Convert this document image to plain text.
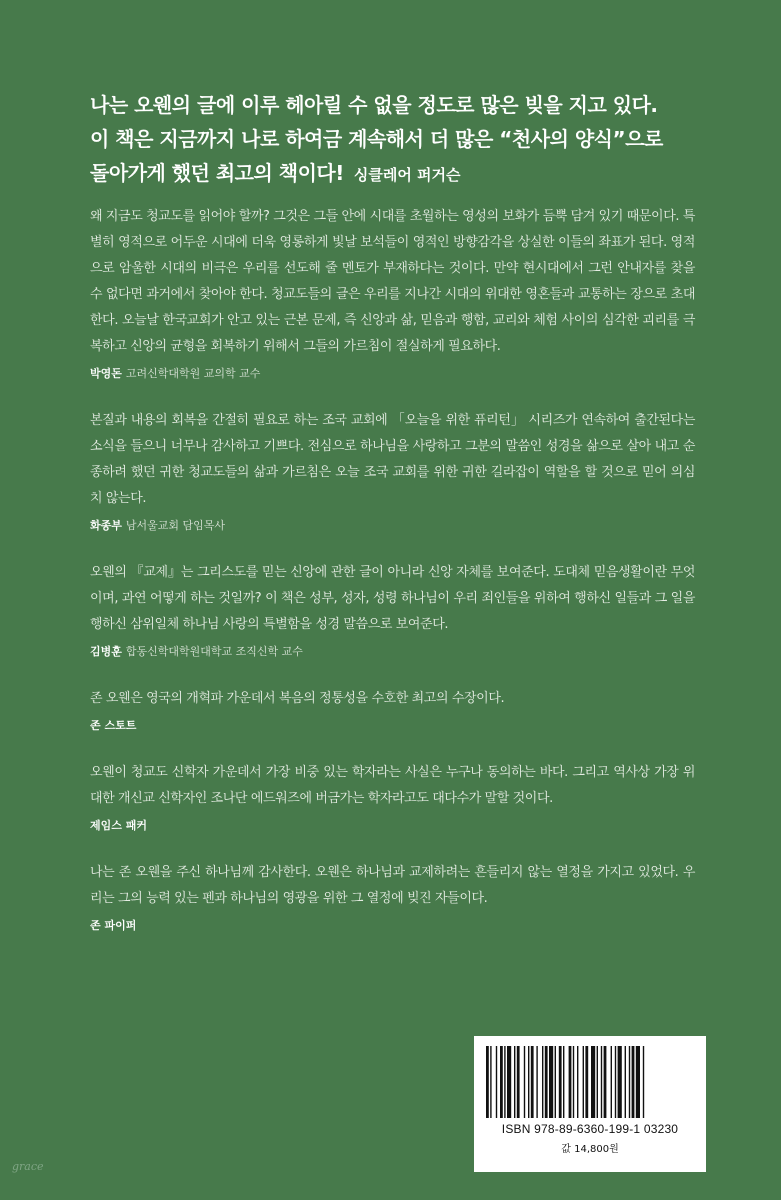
나는 오웬의 글에 이루 헤아릴 수 없을 정도로 많은 빚을 지고 있다.
이 책은 지금까지 나로 하여금 계속해서 더 많은 “천사의 양식”으로
돌아가게 했던 최고의 책이다! 싱클레어 퍼거슨

왜 지금도 청교도를 읽어야 할까? 그것은 그들 안에 시대를 초월하는 영성의 보화가 듬뿍 담겨 있기 때문이다. 특별히 영적으로 어두운 시대에 더욱 영롱하게 빛날 보석들이 영적인 방향감각을 상실한 이들의 좌표가 된다. 영적으로 암울한 시대의 비극은 우리를 선도해 줄 멘토가 부재하다는 것이다. 만약 현시대에서 그런 안내자를 찾을 수 없다면 과거에서 찾아야 한다. 청교도들의 글은 우리를 지나간 시대의 위대한 영혼들과 교통하는 장으로 초대한다. 오늘날 한국교회가 안고 있는 근본 문제, 즉 신앙과 삶, 믿음과 행함, 교리와 체험 사이의 심각한 괴리를 극복하고 신앙의 균형을 회복하기 위해서 그들의 가르침이 절실하게 필요하다.

박영돈 고려신학대학원 교의학 교수

본질과 내용의 회복을 간절히 필요로 하는 조국 교회에 「오늘을 위한 퓨리턴」 시리즈가 연속하여 출간된다는 소식을 들으니 너무나 감사하고 기쁘다. 전심으로 하나님을 사랑하고 그분의 말씀인 성경을 삶으로 살아 내고 순종하려 했던 귀한 청교도들의 삶과 가르침은 오늘 조국 교회를 위한 귀한 길라잡이 역할을 할 것으로 믿어 의심치 않는다.

화종부 남서울교회 담임목사

오웬의 『교제』는 그리스도를 믿는 신앙에 관한 글이 아니라 신앙 자체를 보여준다. 도대체 믿음생활이란 무엇이며, 과연 어떻게 하는 것일까? 이 책은 성부, 성자, 성령 하나님이 우리 죄인들을 위하여 행하신 일들과 그 일을 행하신 삼위일체 하나님 사랑의 특별함을 성경 말씀으로 보여준다.

김병훈 합동신학대학원대학교 조직신학 교수

존 오웬은 영국의 개혁파 가운데서 복음의 정통성을 수호한 최고의 수장이다.

존 스토트

오웬이 청교도 신학자 가운데서 가장 비중 있는 학자라는 사실은 누구나 동의하는 바다. 그리고 역사상 가장 위대한 개신교 신학자인 조나단 에드워즈에 버금가는 학자라고도 대다수가 말할 것이다.

제임스 패커

나는 존 오웬을 주신 하나님께 감사한다. 오웬은 하나님과 교제하려는 흔들리지 않는 열정을 가지고 있었다. 우리는 그의 능력 있는 펜과 하나님의 영광을 위한 그 열정에 빚진 자들이다.

존 파이퍼
ISBN 978-89-6360-199-1 03230
값 14,800원
grace
